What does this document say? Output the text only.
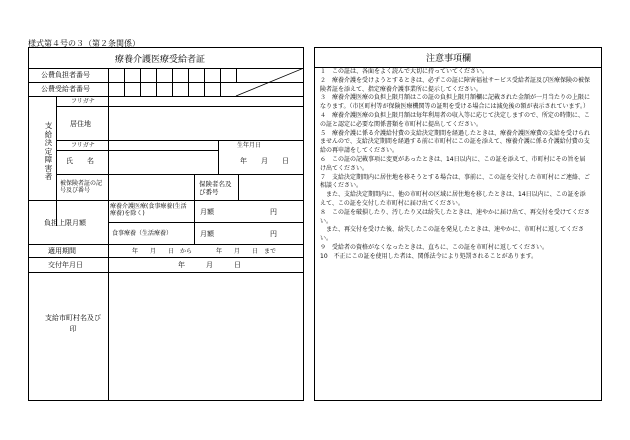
様式第４号の３（第２条関係）
療養介護医療受給者証
公費負担者番号
公費受給者番号
支給決定障害者
フリガナ
居住地
フリガナ	生年月日
氏　　名	年　　月　　日
被保険者証の記号及び番号
保険者名及び番号
負担上限月額
療養介護医療(食事療養(生活療養)を除く)	月額	円
食事療養（生活療養）	月額	円
適用期間	年　　月　　日　から　　　　年　　月　　日　まで
交付年月日	年　　　月　　　日
支給市町村名及び印
注意事項欄

１　この証は、各面をよく読んで大切に持っていてください。

２　療養介護を受けようとするときは、必ずこの証に障害福祉サービス受給者証及び医療保険の被保険者証を添えて、指定療養介護事業所に提示してください。

３　療養介護医療の負担上限月額はこの証の負担上限月額欄に記載された金額が一月当たりの上限になります。（市区町村等が保険医療機関等の証明を受ける場合には減免後の額が表示されています。）

４　療養介護医療の負担上限月額は毎年利用者の収入等に応じて決定しますので、所定の時期に、この証と認定に必要な関係書類を市町村に提出してください。

５　療養介護に係る介護給付費の支給決定期間を経過したときは、療養介護医療費の支給を受けられませんので、支給決定期間を経過する前に市町村にこの証を添えて、療養介護に係る介護給付費の支給の再申請をしてください。

６　この証の記載事項に変更があったときは、14日以内に、この証を添えて、市町村にその旨を届け出てください。

７　支給決定期間内に居住地を移そうとする場合は、事前に、この証を交付した市町村にご連絡、ご相談ください。

　また、支給決定期間内に、他の市町村の区域に居住地を移したときは、14日以内に、この証を添えて、この証を交付した市町村に届け出てください。

８　この証を破損したり、汚したり又は紛失したときは、速やかに届け出て、再交付を受けてください。

　また、再交付を受けた後、紛失したこの証を発見したときは、速やかに、市町村に返してください。

９　受給者の資格がなくなったときは、直ちに、この証を市町村に返してください。

10　不正にこの証を使用した者は、関係法令により処罰されることがあります。
